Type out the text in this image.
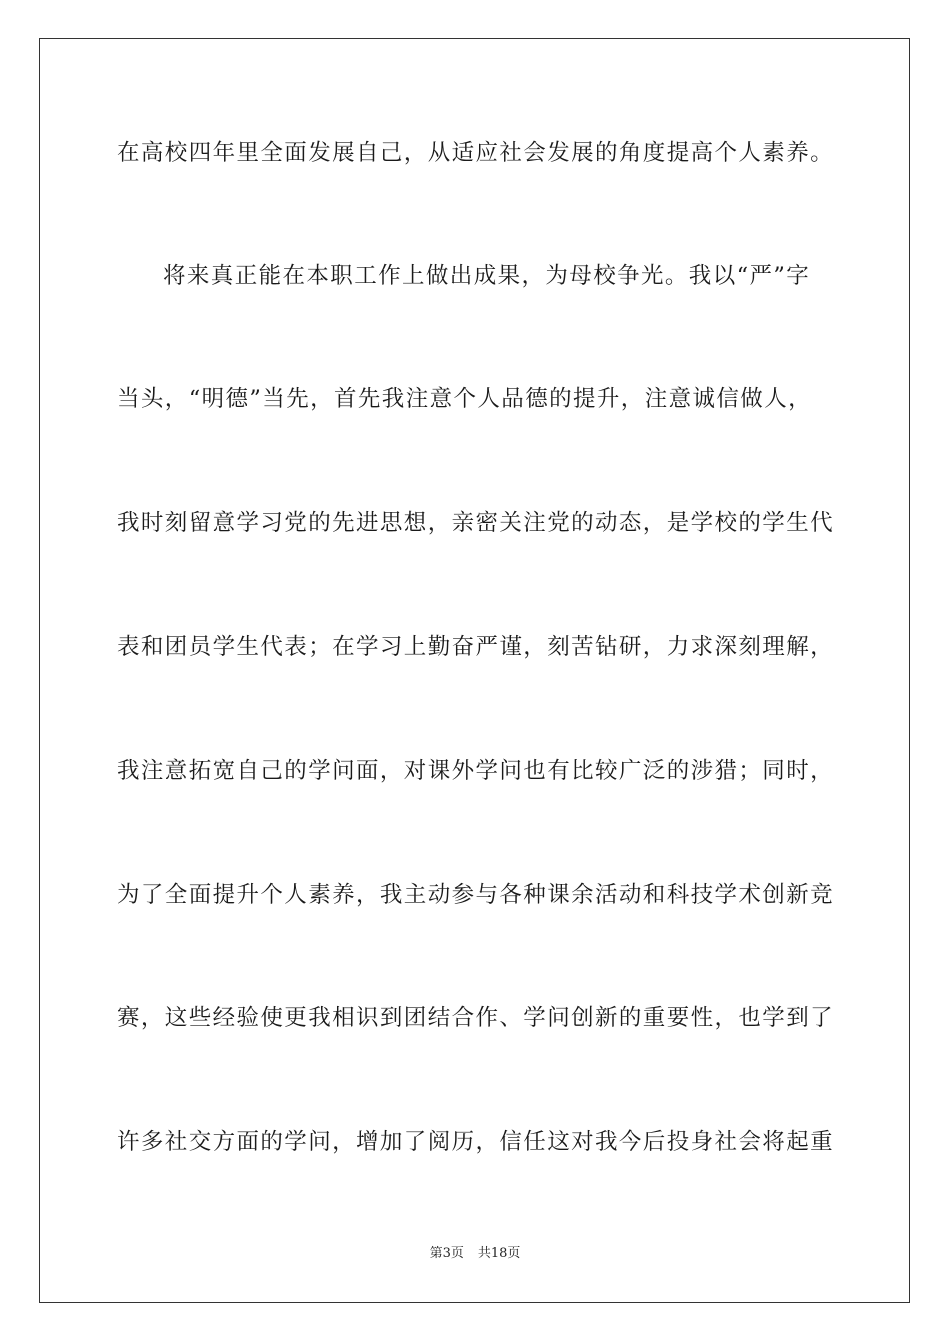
在高校四年里全面发展自己，从适应社会发展的角度提高个人素养。
将来真正能在本职工作上做出成果，为母校争光。我以“严”字
当头，“明德”当先，首先我注意个人品德的提升，注意诚信做人，
我时刻留意学习党的先进思想，亲密关注党的动态，是学校的学生代
表和团员学生代表；在学习上勤奋严谨，刻苦钻研，力求深刻理解，
我注意拓宽自己的学问面，对课外学问也有比较广泛的涉猎；同时，
为了全面提升个人素养，我主动参与各种课余活动和科技学术创新竞
赛，这些经验使更我相识到团结合作、学问创新的重要性，也学到了
许多社交方面的学问，增加了阅历，信任这对我今后投身社会将起重
第3页 共18页
